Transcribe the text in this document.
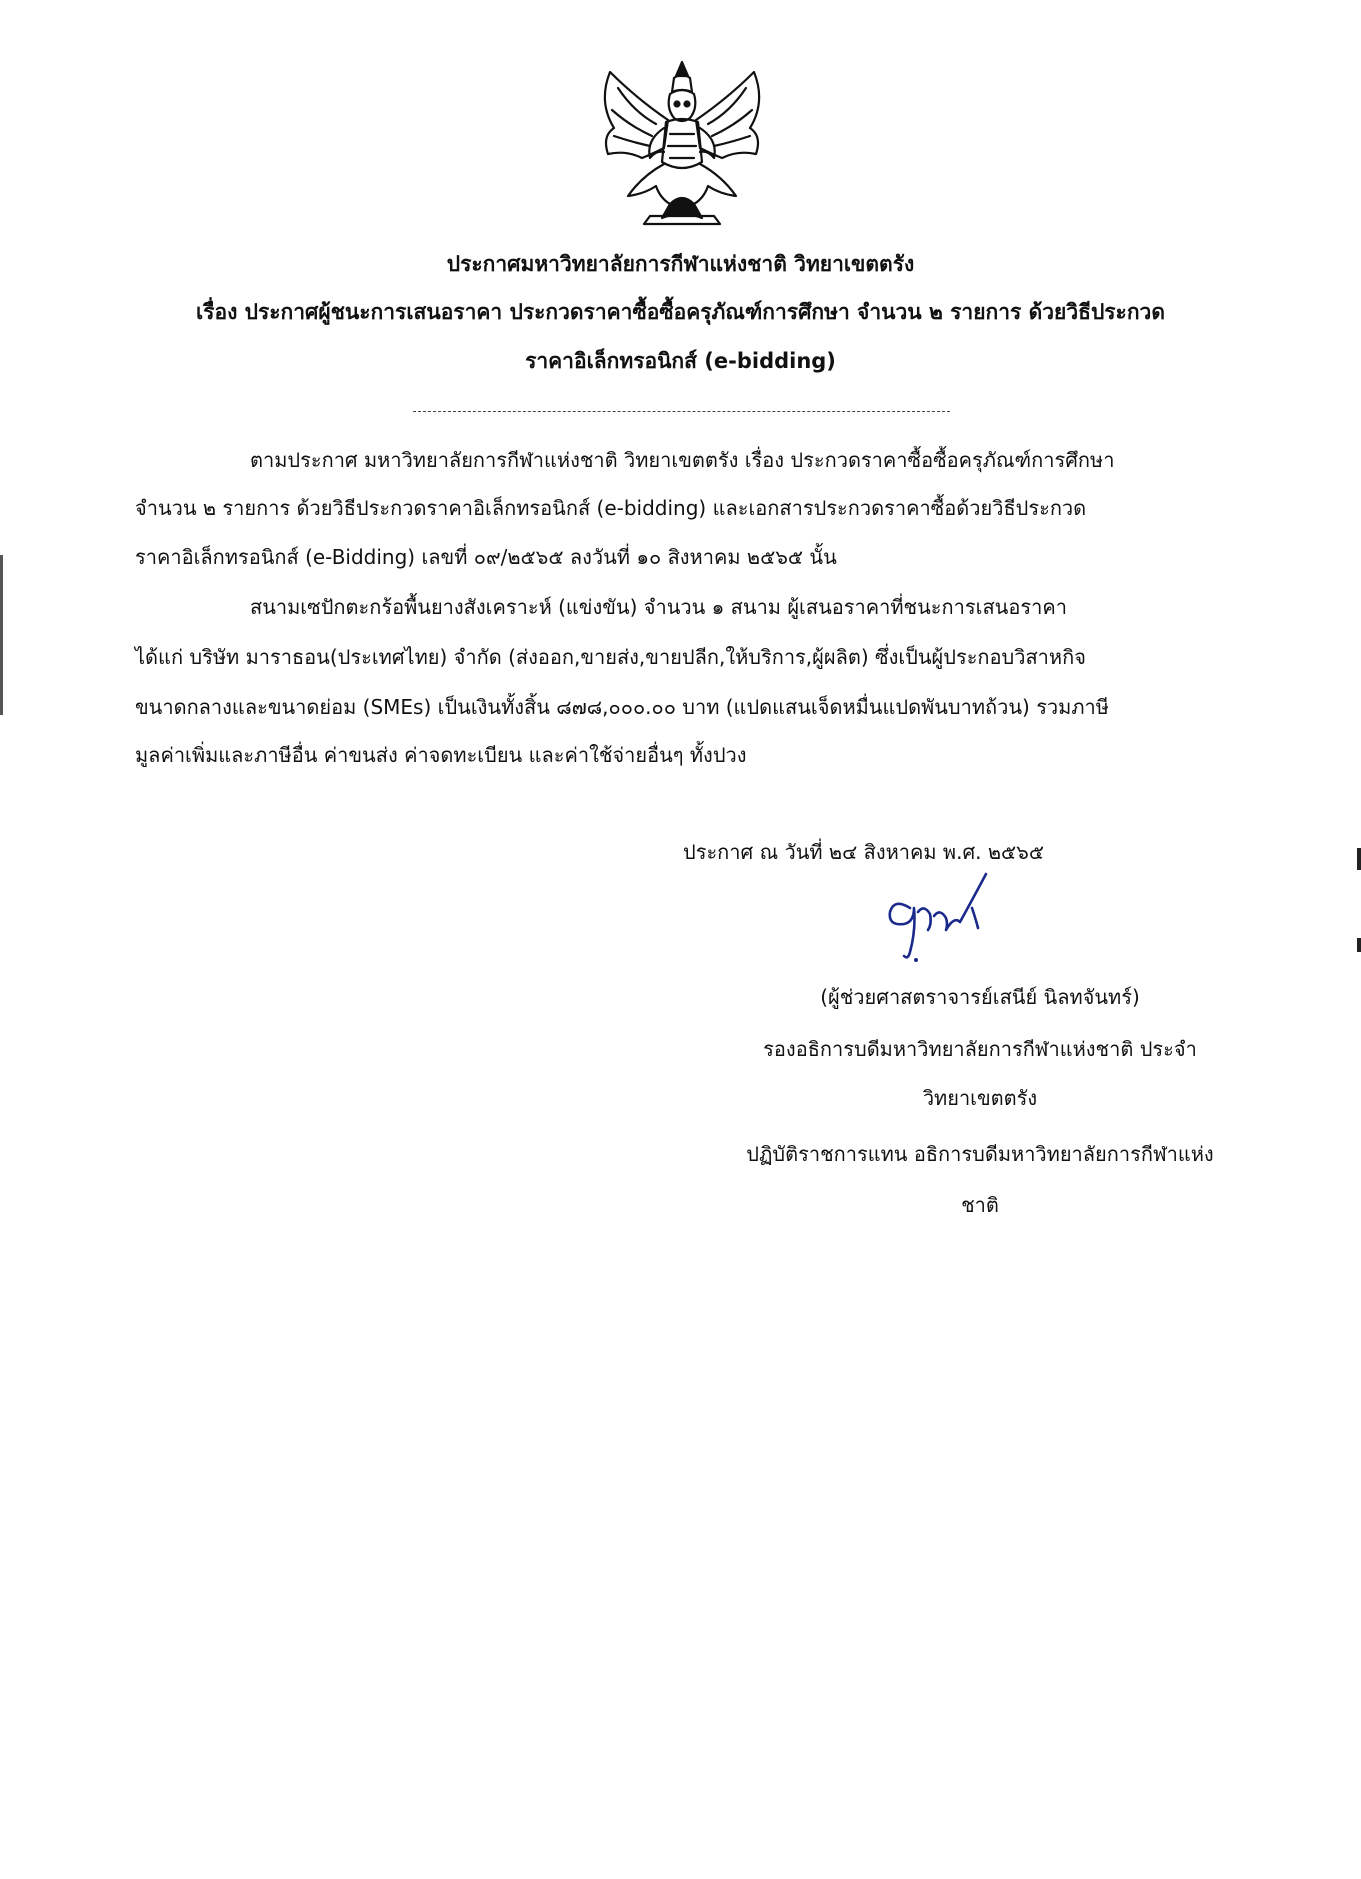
ประกาศมหาวิทยาลัยการกีฬาแห่งชาติ วิทยาเขตตรัง
เรื่อง ประกาศผู้ชนะการเสนอราคา ประกวดราคาซื้อซื้อครุภัณฑ์การศึกษา จำนวน ๒ รายการ ด้วยวิธีประกวด
ราคาอิเล็กทรอนิกส์ (e-bidding)
ตามประกาศ มหาวิทยาลัยการกีฬาแห่งชาติ วิทยาเขตตรัง เรื่อง ประกวดราคาซื้อซื้อครุภัณฑ์การศึกษา
จำนวน ๒ รายการ ด้วยวิธีประกวดราคาอิเล็กทรอนิกส์ (e-bidding) และเอกสารประกวดราคาซื้อด้วยวิธีประกวด
ราคาอิเล็กทรอนิกส์ (e-Bidding) เลขที่ ๐๙/๒๕๖๕ ลงวันที่ ๑๐ สิงหาคม ๒๕๖๕ นั้น
สนามเซปักตะกร้อพื้นยางสังเคราะห์ (แข่งขัน) จำนวน ๑ สนาม ผู้เสนอราคาที่ชนะการเสนอราคา
ได้แก่ บริษัท มาราธอน(ประเทศไทย) จำกัด (ส่งออก,ขายส่ง,ขายปลีก,ให้บริการ,ผู้ผลิต) ซึ่งเป็นผู้ประกอบวิสาหกิจ
ขนาดกลางและขนาดย่อม (SMEs) เป็นเงินทั้งสิ้น ๘๗๘,๐๐๐.๐๐ บาท (แปดแสนเจ็ดหมื่นแปดพันบาทถ้วน) รวมภาษี
มูลค่าเพิ่มและภาษีอื่น ค่าขนส่ง ค่าจดทะเบียน และค่าใช้จ่ายอื่นๆ ทั้งปวง
ประกาศ ณ วันที่ ๒๔ สิงหาคม พ.ศ. ๒๕๖๕
(ผู้ช่วยศาสตราจารย์เสนีย์ นิลทจันทร์)
รองอธิการบดีมหาวิทยาลัยการกีฬาแห่งชาติ ประจำ
วิทยาเขตตรัง
ปฏิบัติราชการแทน อธิการบดีมหาวิทยาลัยการกีฬาแห่ง
ชาติ
